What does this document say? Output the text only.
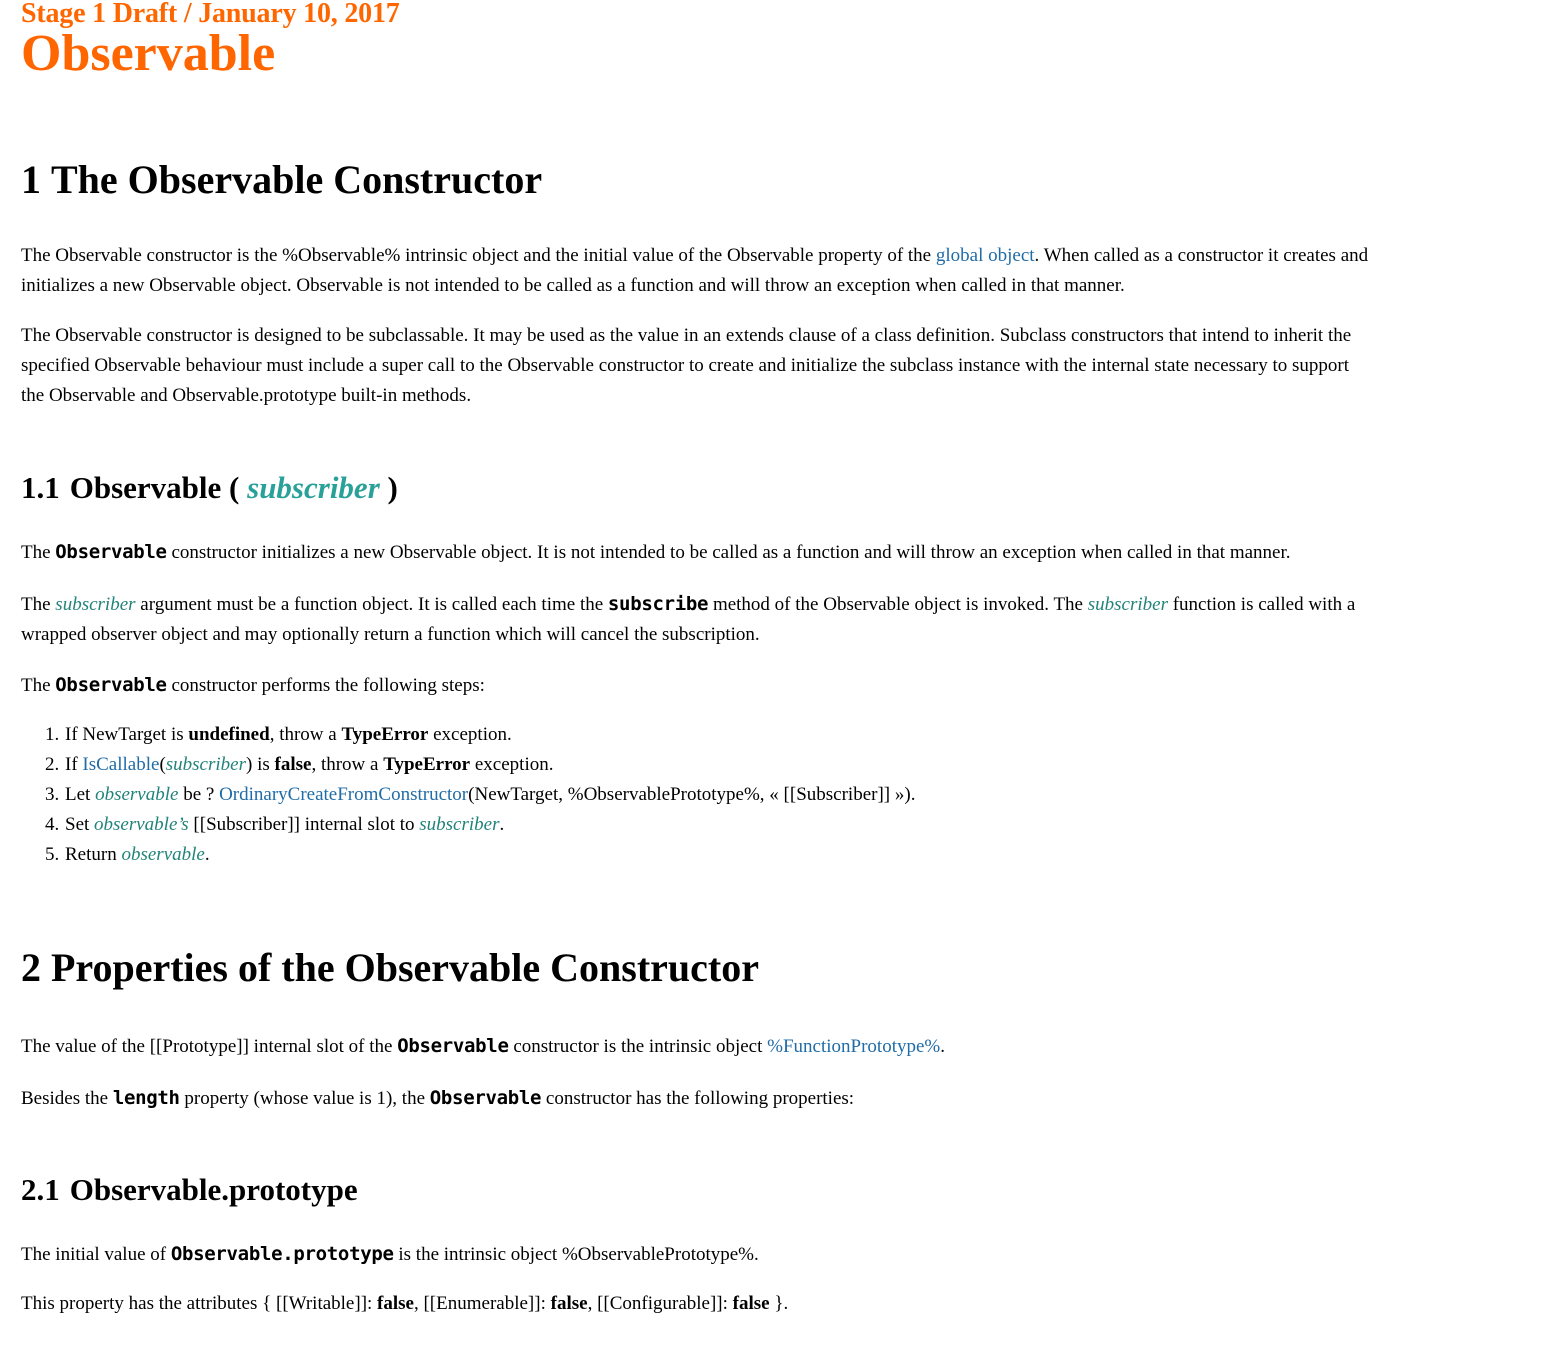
Stage 1 Draft / January 10, 2017

Observable

1 The Observable Constructor

The Observable constructor is the %Observable% intrinsic object and the initial value of the Observable property of the global object. When called as a constructor it creates and

initializes a new Observable object. Observable is not intended to be called as a function and will throw an exception when called in that manner.

The Observable constructor is designed to be subclassable. It may be used as the value in an extends clause of a class definition. Subclass constructors that intend to inherit the

specified Observable behaviour must include a super call to the Observable constructor to create and initialize the subclass instance with the internal state necessary to support

the Observable and Observable.prototype built-in methods.

1.1 Observable ( subscriber )

The Observable constructor initializes a new Observable object. It is not intended to be called as a function and will throw an exception when called in that manner.

The subscriber argument must be a function object. It is called each time the subscribe method of the Observable object is invoked. The subscriber function is called with a

wrapped observer object and may optionally return a function which will cancel the subscription.

The Observable constructor performs the following steps:

1. If NewTarget is undefined, throw a TypeError exception.
2. If IsCallable(subscriber) is false, throw a TypeError exception.
3. Let observable be ? OrdinaryCreateFromConstructor(NewTarget, %ObservablePrototype%, « [[Subscriber]] »).
4. Set observable’s [[Subscriber]] internal slot to subscriber.
5. Return observable.
2 Properties of the Observable Constructor

The value of the [[Prototype]] internal slot of the Observable constructor is the intrinsic object %FunctionPrototype%.

Besides the length property (whose value is 1), the Observable constructor has the following properties:

2.1 Observable.prototype

The initial value of Observable.prototype is the intrinsic object %ObservablePrototype%.

This property has the attributes { [[Writable]]: false, [[Enumerable]]: false, [[Configurable]]: false }.
